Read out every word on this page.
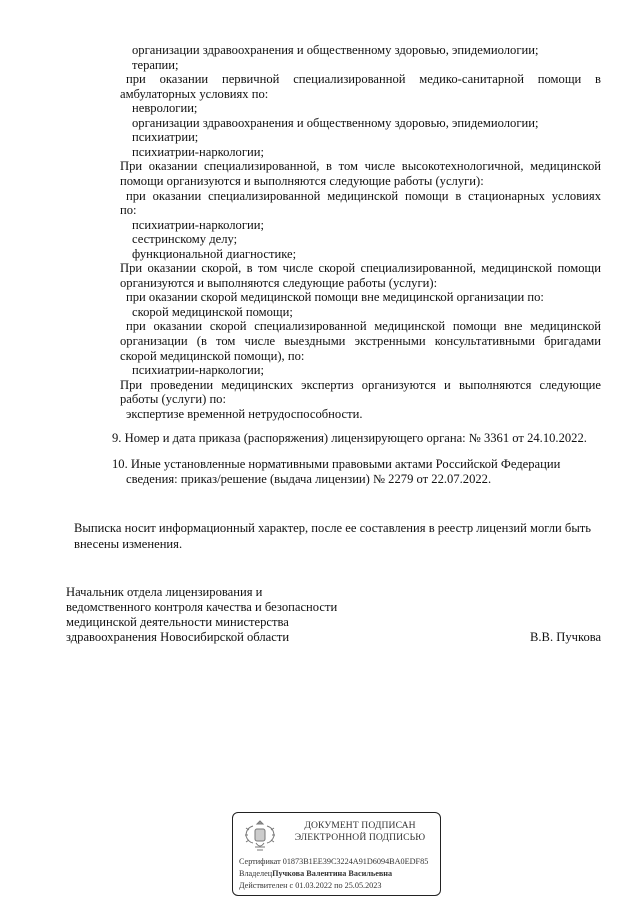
организации здравоохранения и общественному здоровью, эпидемиологии;
терапии;
при оказании первичной специализированной медико-санитарной помощи в
амбулаторных условиях по:
неврологии;
организации здравоохранения и общественному здоровью, эпидемиологии;
психиатрии;
психиатрии-наркологии;
При оказании специализированной, в том числе высокотехнологичной, медицинской
помощи организуются и выполняются следующие работы (услуги):
при оказании специализированной медицинской помощи в стационарных условиях
по:
психиатрии-наркологии;
сестринскому делу;
функциональной диагностике;
При оказании скорой, в том числе скорой специализированной, медицинской помощи
организуются и выполняются следующие работы (услуги):
при оказании скорой медицинской помощи вне медицинской организации по:
скорой медицинской помощи;
при оказании скорой специализированной медицинской помощи вне медицинской
организации (в том числе выездными экстренными консультативными бригадами
скорой медицинской помощи), по:
психиатрии-наркологии;
При проведении медицинских экспертиз организуются и выполняются следующие
работы (услуги) по:
экспертизе временной нетрудоспособности.
9. Номер и дата приказа (распоряжения) лицензирующего органа: № 3361 от 24.10.2022.
10. Иные установленные нормативными правовыми актами Российской Федерации
сведения: приказ/решение (выдача лицензии) № 2279 от 22.07.2022.
Выписка носит информационный характер, после ее составления в реестр лицензий могли быть
внесены изменения.
Начальник отдела лицензирования и
ведомственного контроля качества и безопасности
медицинской деятельности министерства
здравоохранения Новосибирской области	В.В. Пучкова
ДОКУМЕНТ ПОДПИСАН
ЭЛЕКТРОННОЙ ПОДПИСЬЮ
Сертификат 01873B1EE39C3224A91D6094BA0EDF85
ВладелецПучкова Валентина Васильевна
Действителен с 01.03.2022 по 25.05.2023
